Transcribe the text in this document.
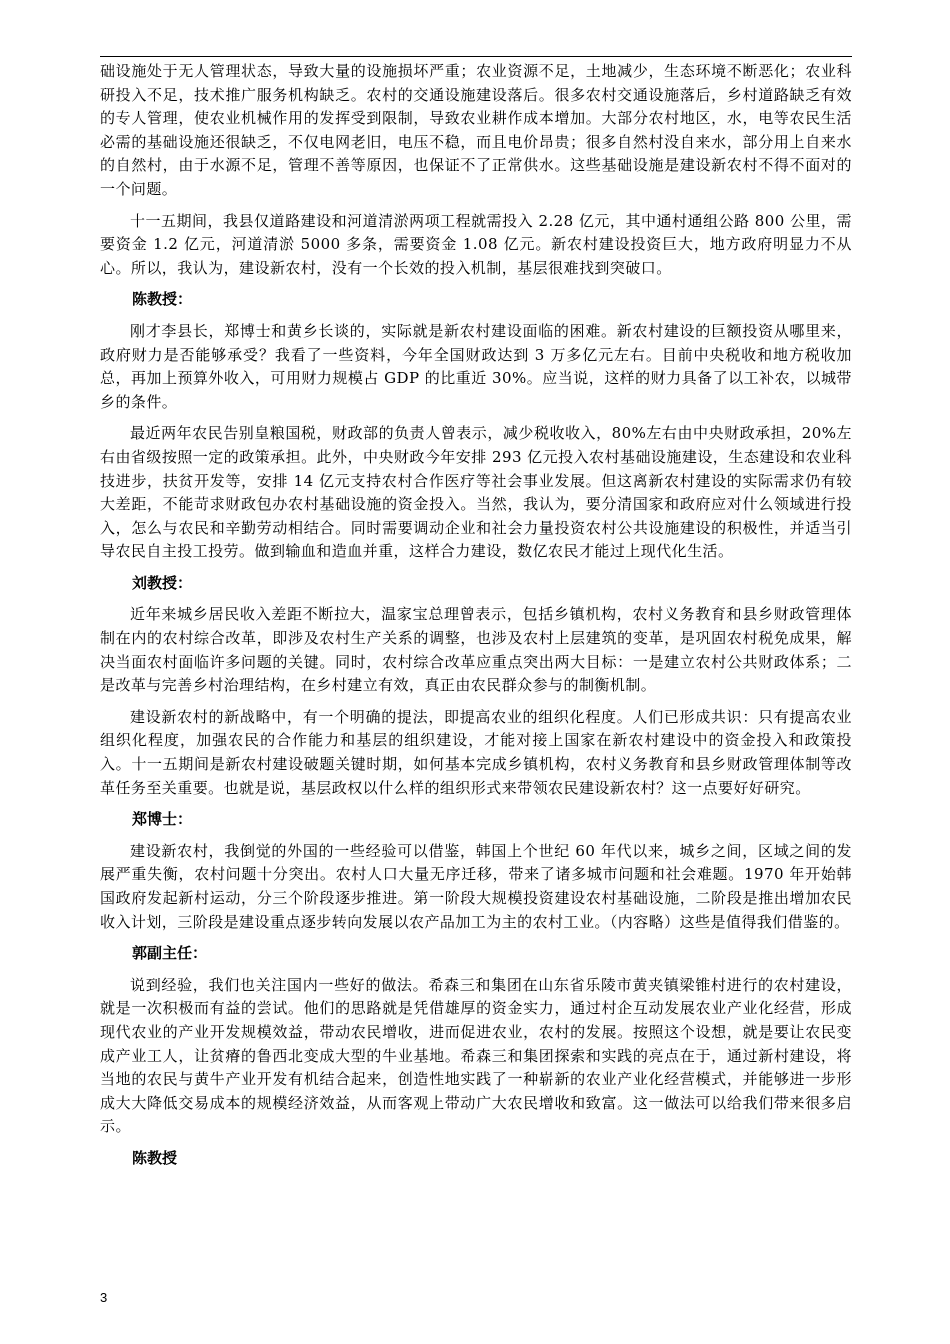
础设施处于无人管理状态，导致大量的设施损坏严重；农业资源不足，土地减少，生态环境不断恶化；农业科研投入不足，技术推广服务机构缺乏。农村的交通设施建设落后。很多农村交通设施落后，乡村道路缺乏有效的专人管理，使农业机械作用的发挥受到限制，导致农业耕作成本增加。大部分农村地区，水，电等农民生活必需的基础设施还很缺乏，不仅电网老旧，电压不稳，而且电价昂贵；很多自然村没自来水，部分用上自来水的自然村，由于水源不足，管理不善等原因，也保证不了正常供水。这些基础设施是建设新农村不得不面对的一个问题。

十一五期间，我县仅道路建设和河道清淤两项工程就需投入 2.28 亿元，其中通村通组公路 800 公里，需要资金 1.2 亿元，河道清淤 5000 多条，需要资金 1.08 亿元。新农村建设投资巨大，地方政府明显力不从心。所以，我认为，建设新农村，没有一个长效的投入机制，基层很难找到突破口。

陈教授：

刚才李县长，郑博士和黄乡长谈的，实际就是新农村建设面临的困难。新农村建设的巨额投资从哪里来，政府财力是否能够承受？我看了一些资料，今年全国财政达到 3 万多亿元左右。目前中央税收和地方税收加总，再加上预算外收入，可用财力规模占 GDP 的比重近 30%。应当说，这样的财力具备了以工补农，以城带乡的条件。

最近两年农民告别皇粮国税，财政部的负责人曾表示，减少税收收入，80%左右由中央财政承担，20%左右由省级按照一定的政策承担。此外，中央财政今年安排 293 亿元投入农村基础设施建设，生态建设和农业科技进步，扶贫开发等，安排 14 亿元支持农村合作医疗等社会事业发展。但这离新农村建设的实际需求仍有较大差距，不能苛求财政包办农村基础设施的资金投入。当然，我认为，要分清国家和政府应对什么领域进行投入，怎么与农民和辛勤劳动相结合。同时需要调动企业和社会力量投资农村公共设施建设的积极性，并适当引导农民自主投工投劳。做到输血和造血并重，这样合力建设，数亿农民才能过上现代化生活。

刘教授：

近年来城乡居民收入差距不断拉大，温家宝总理曾表示，包括乡镇机构，农村义务教育和县乡财政管理体制在内的农村综合改革，即涉及农村生产关系的调整，也涉及农村上层建筑的变革，是巩固农村税免成果，解决当面农村面临许多问题的关键。同时，农村综合改革应重点突出两大目标：一是建立农村公共财政体系；二是改革与完善乡村治理结构，在乡村建立有效，真正由农民群众参与的制衡机制。

建设新农村的新战略中，有一个明确的提法，即提高农业的组织化程度。人们已形成共识：只有提高农业组织化程度，加强农民的合作能力和基层的组织建设，才能对接上国家在新农村建设中的资金投入和政策投入。十一五期间是新农村建设破题关键时期，如何基本完成乡镇机构，农村义务教育和县乡财政管理体制等改革任务至关重要。也就是说，基层政权以什么样的组织形式来带领农民建设新农村？这一点要好好研究。

郑博士：

建设新农村，我倒觉的外国的一些经验可以借鉴，韩国上个世纪 60 年代以来，城乡之间，区域之间的发展严重失衡，农村问题十分突出。农村人口大量无序迁移，带来了诸多城市问题和社会难题。1970 年开始韩国政府发起新村运动，分三个阶段逐步推进。第一阶段大规模投资建设农村基础设施，二阶段是推出增加农民收入计划，三阶段是建设重点逐步转向发展以农产品加工为主的农村工业。（内容略）这些是值得我们借鉴的。

郭副主任：

说到经验，我们也关注国内一些好的做法。希森三和集团在山东省乐陵市黄夹镇梁锥村进行的农村建设，就是一次积极而有益的尝试。他们的思路就是凭借雄厚的资金实力，通过村企互动发展农业产业化经营，形成现代农业的产业开发规模效益，带动农民增收，进而促进农业，农村的发展。按照这个设想，就是要让农民变成产业工人，让贫瘠的鲁西北变成大型的牛业基地。希森三和集团探索和实践的亮点在于，通过新村建设，将当地的农民与黄牛产业开发有机结合起来，创造性地实践了一种崭新的农业产业化经营模式，并能够进一步形成大大降低交易成本的规模经济效益，从而客观上带动广大农民增收和致富。这一做法可以给我们带来很多启示。

陈教授

3
